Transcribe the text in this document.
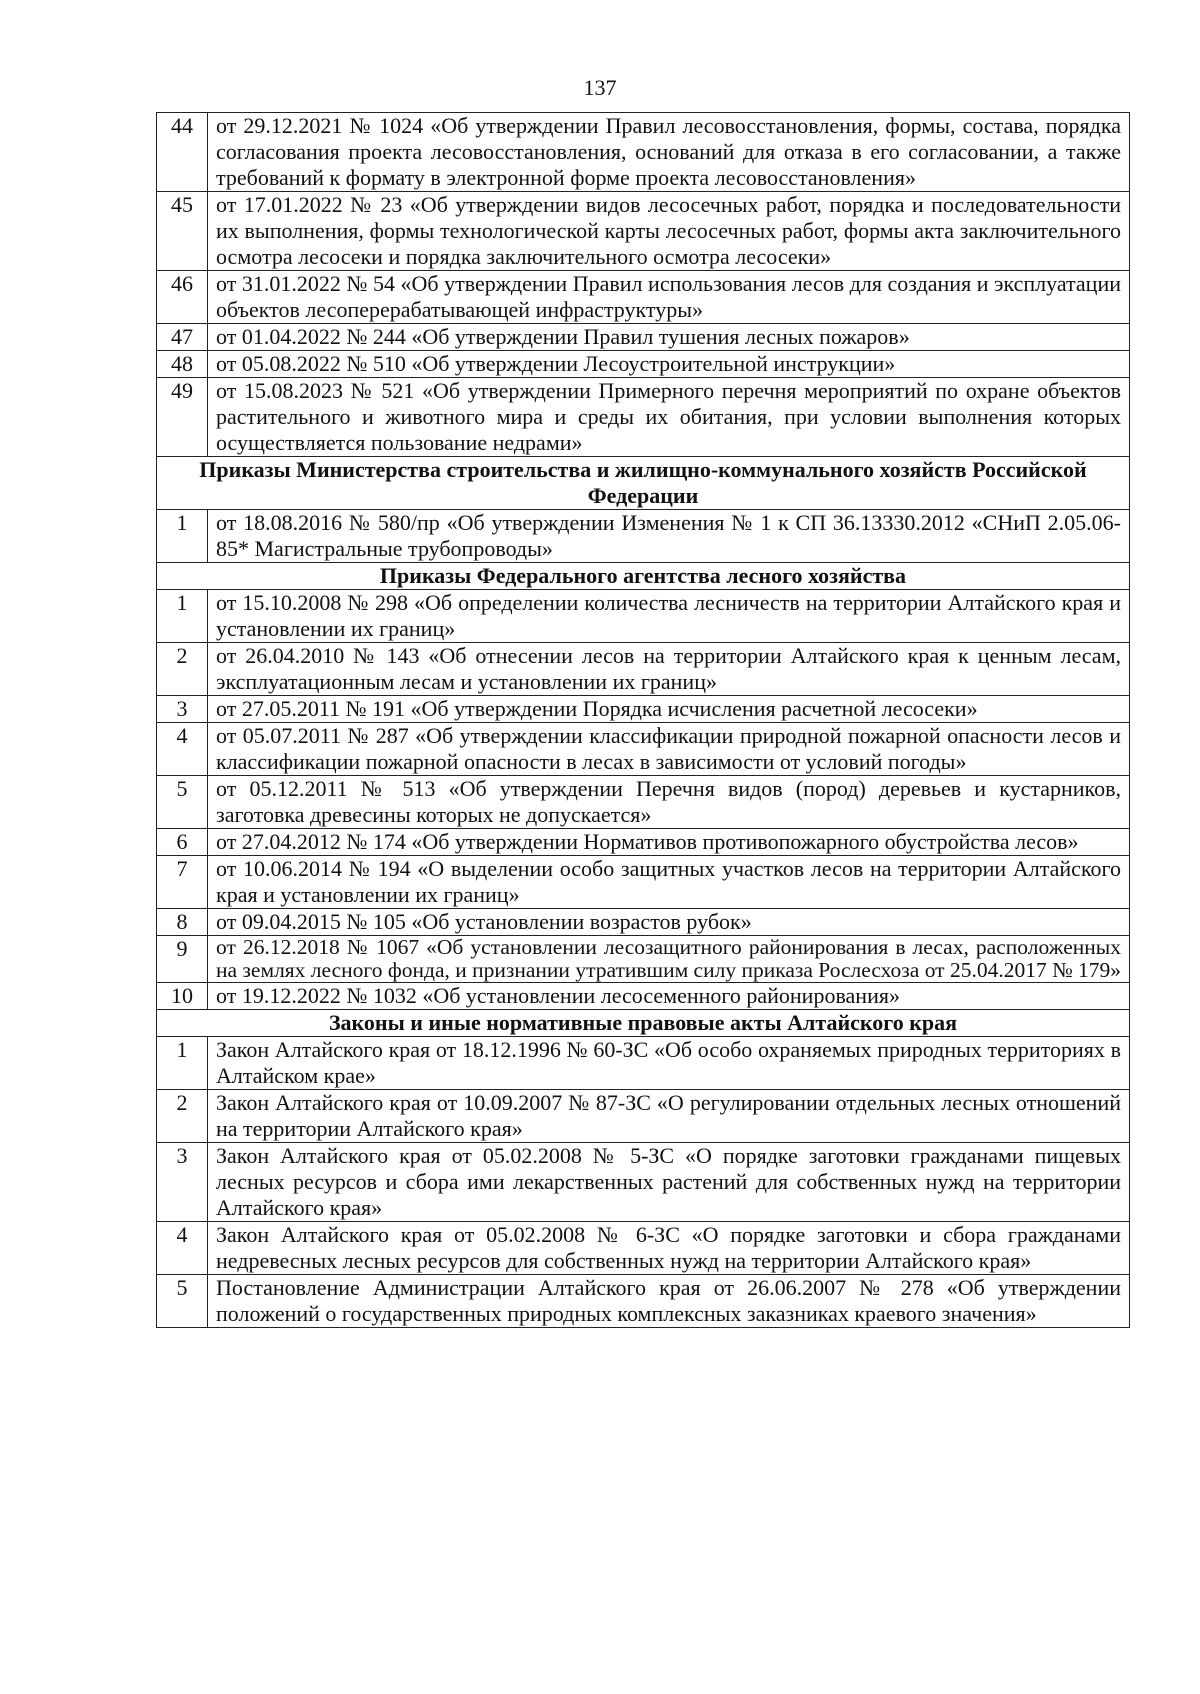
137
44	от 29.12.2021 № 1024 «Об утверждении Правил лесовосстановления, формы, состава, порядка согласования проекта лесовосстановления, оснований для отказа в его согласовании, а также требований к формату в электронной форме проекта лесовосстановления»
45	от 17.01.2022 № 23 «Об утверждении видов лесосечных работ, порядка и последовательности их выполнения, формы технологической карты лесосечных работ, формы акта заключительного осмотра лесосеки и порядка заключительного осмотра лесосеки»
46	от 31.01.2022 № 54 «Об утверждении Правил использования лесов для создания и эксплуатации объектов лесоперерабатывающей инфраструктуры»
47	от 01.04.2022 № 244 «Об утверждении Правил тушения лесных пожаров»
48	от 05.08.2022 № 510 «Об утверждении Лесоустроительной инструкции»
49	от 15.08.2023 № 521 «Об утверждении Примерного перечня мероприятий по охране объектов растительного и животного мира и среды их обитания, при условии выполнения которых осуществляется пользование недрами»
Приказы Министерства строительства и жилищно-коммунального хозяйств Российской Федерации	
1	от 18.08.2016 № 580/пр «Об утверждении Изменения № 1 к СП 36.13330.2012 «СНиП 2.05.06-85* Магистральные трубопроводы»
Приказы Федерального агентства лесного хозяйства	
1	от 15.10.2008 № 298 «Об определении количества лесничеств на территории Алтайского края и установлении их границ»
2	от 26.04.2010 № 143 «Об отнесении лесов на территории Алтайского края к ценным лесам, эксплуатационным лесам и установлении их границ»
3	от 27.05.2011 № 191 «Об утверждении Порядка исчисления расчетной лесосеки»
4	от 05.07.2011 № 287 «Об утверждении классификации природной пожарной опасности лесов и классификации пожарной опасности в лесах в зависимости от условий погоды»
5	от 05.12.2011 № 513 «Об утверждении Перечня видов (пород) деревьев и кустарников, заготовка древесины которых не допускается»
6	от 27.04.2012 № 174 «Об утверждении Нормативов противопожарного обустройства лесов»
7	от 10.06.2014 № 194 «О выделении особо защитных участков лесов на территории Алтайского края и установлении их границ»
8	от 09.04.2015 № 105 «Об установлении возрастов рубок»
9	от 26.12.2018 № 1067 «Об установлении лесозащитного районирования в лесах, расположенных на землях лесного фонда, и признании утратившим силу приказа Рослесхоза от 25.04.2017 № 179»
10	от 19.12.2022 № 1032 «Об установлении лесосеменного районирования»
Законы и иные нормативные правовые акты Алтайского края	
1	Закон Алтайского края от 18.12.1996 № 60-ЗС «Об особо охраняемых природных территориях в Алтайском крае»
2	Закон Алтайского края от 10.09.2007 № 87-ЗС «О регулировании отдельных лесных отношений на территории Алтайского края»
3	Закон Алтайского края от 05.02.2008 № 5-ЗС «О порядке заготовки гражданами пищевых лесных ресурсов и сбора ими лекарственных растений для собственных нужд на территории Алтайского края»
4	Закон Алтайского края от 05.02.2008 № 6-ЗС «О порядке заготовки и сбора гражданами недревесных лесных ресурсов для собственных нужд на территории Алтайского края»
5	Постановление Администрации Алтайского края от 26.06.2007 № 278 «Об утверждении положений о государственных природных комплексных заказниках краевого значения»
